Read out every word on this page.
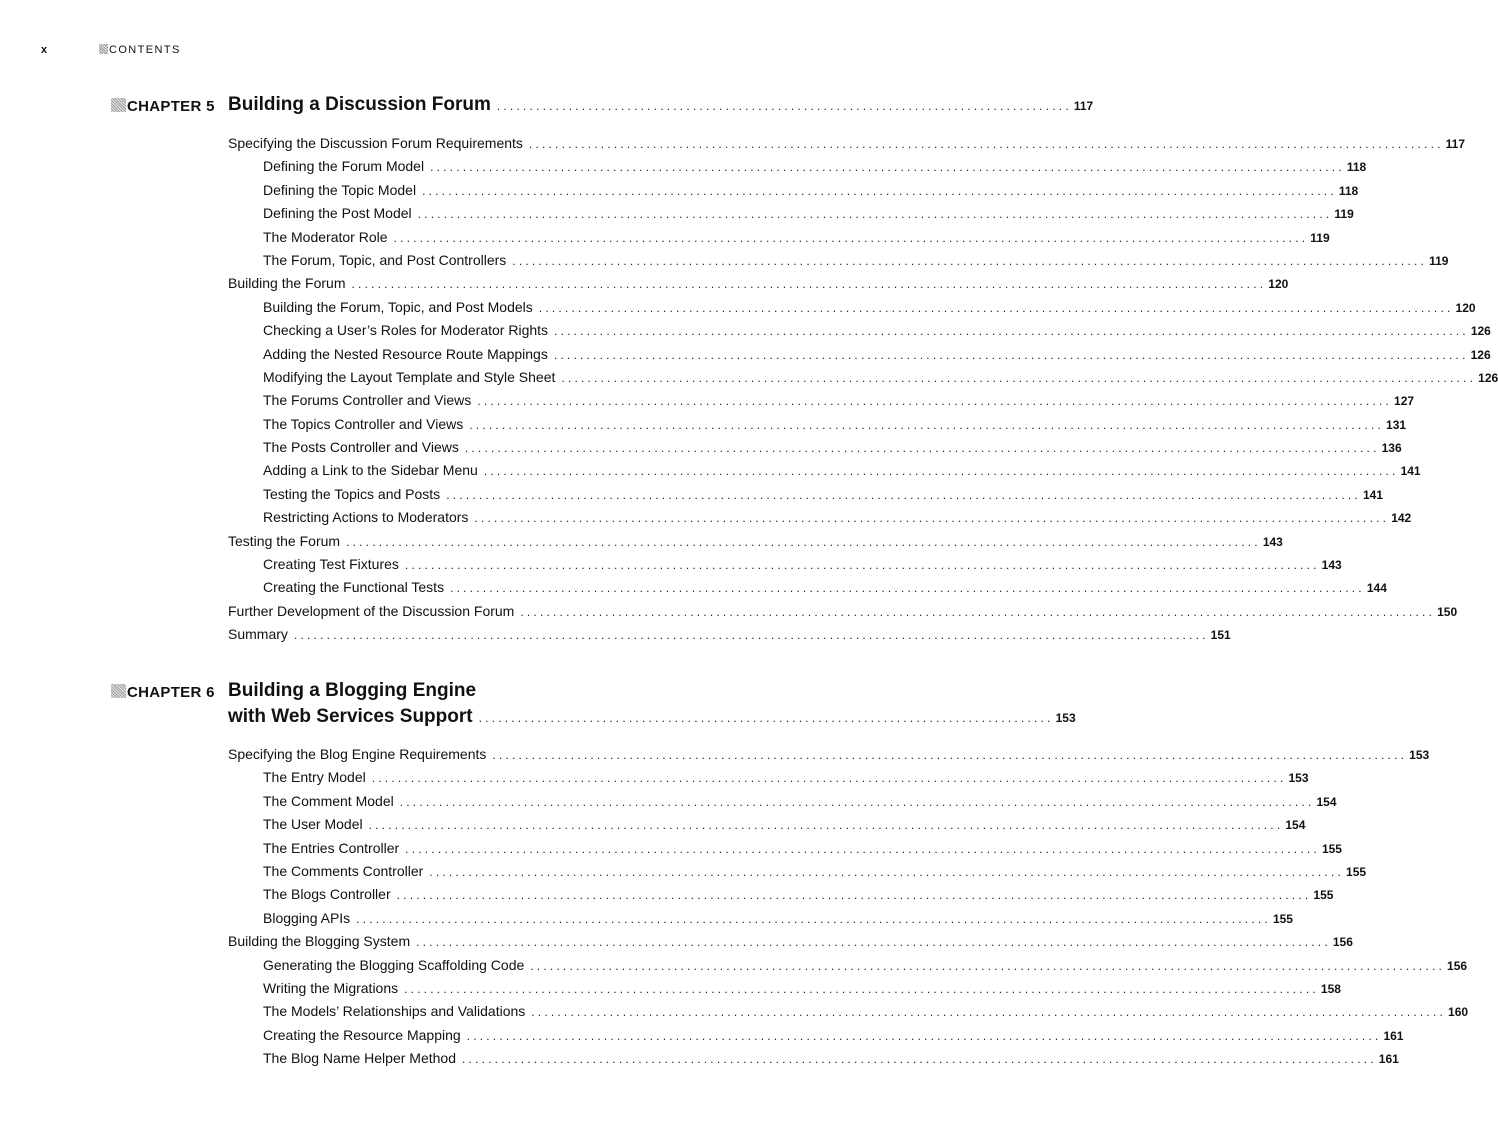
x	CONTENTS
CHAPTER 5 Building a Discussion Forum ........................................................................................ 117
Specifying the Discussion Forum Requirements ............................................................................................................................................ 117
Defining the Forum Model ............................................................................................................................................ 118
Defining the Topic Model ............................................................................................................................................ 118
Defining the Post Model ............................................................................................................................................ 119
The Moderator Role ............................................................................................................................................ 119
The Forum, Topic, and Post Controllers ............................................................................................................................................ 119
Building the Forum ............................................................................................................................................ 120
Building the Forum, Topic, and Post Models ............................................................................................................................................ 120
Checking a User’s Roles for Moderator Rights ............................................................................................................................................ 126
Adding the Nested Resource Route Mappings ............................................................................................................................................ 126
Modifying the Layout Template and Style Sheet ............................................................................................................................................ 126
The Forums Controller and Views ............................................................................................................................................ 127
The Topics Controller and Views ............................................................................................................................................ 131
The Posts Controller and Views ............................................................................................................................................ 136
Adding a Link to the Sidebar Menu ............................................................................................................................................ 141
Testing the Topics and Posts ............................................................................................................................................ 141
Restricting Actions to Moderators ............................................................................................................................................ 142
Testing the Forum ............................................................................................................................................ 143
Creating Test Fixtures ............................................................................................................................................ 143
Creating the Functional Tests ............................................................................................................................................ 144
Further Development of the Discussion Forum ............................................................................................................................................ 150
Summary ............................................................................................................................................ 151
CHAPTER 6 Building a Blogging Engine
with Web Services Support ........................................................................................ 153
Specifying the Blog Engine Requirements ............................................................................................................................................ 153
The Entry Model ............................................................................................................................................ 153
The Comment Model ............................................................................................................................................ 154
The User Model ............................................................................................................................................ 154
The Entries Controller ............................................................................................................................................ 155
The Comments Controller ............................................................................................................................................ 155
The Blogs Controller ............................................................................................................................................ 155
Blogging APIs ............................................................................................................................................ 155
Building the Blogging System ............................................................................................................................................ 156
Generating the Blogging Scaffolding Code ............................................................................................................................................ 156
Writing the Migrations ............................................................................................................................................ 158
The Models’ Relationships and Validations ............................................................................................................................................ 160
Creating the Resource Mapping ............................................................................................................................................ 161
The Blog Name Helper Method ............................................................................................................................................ 161
